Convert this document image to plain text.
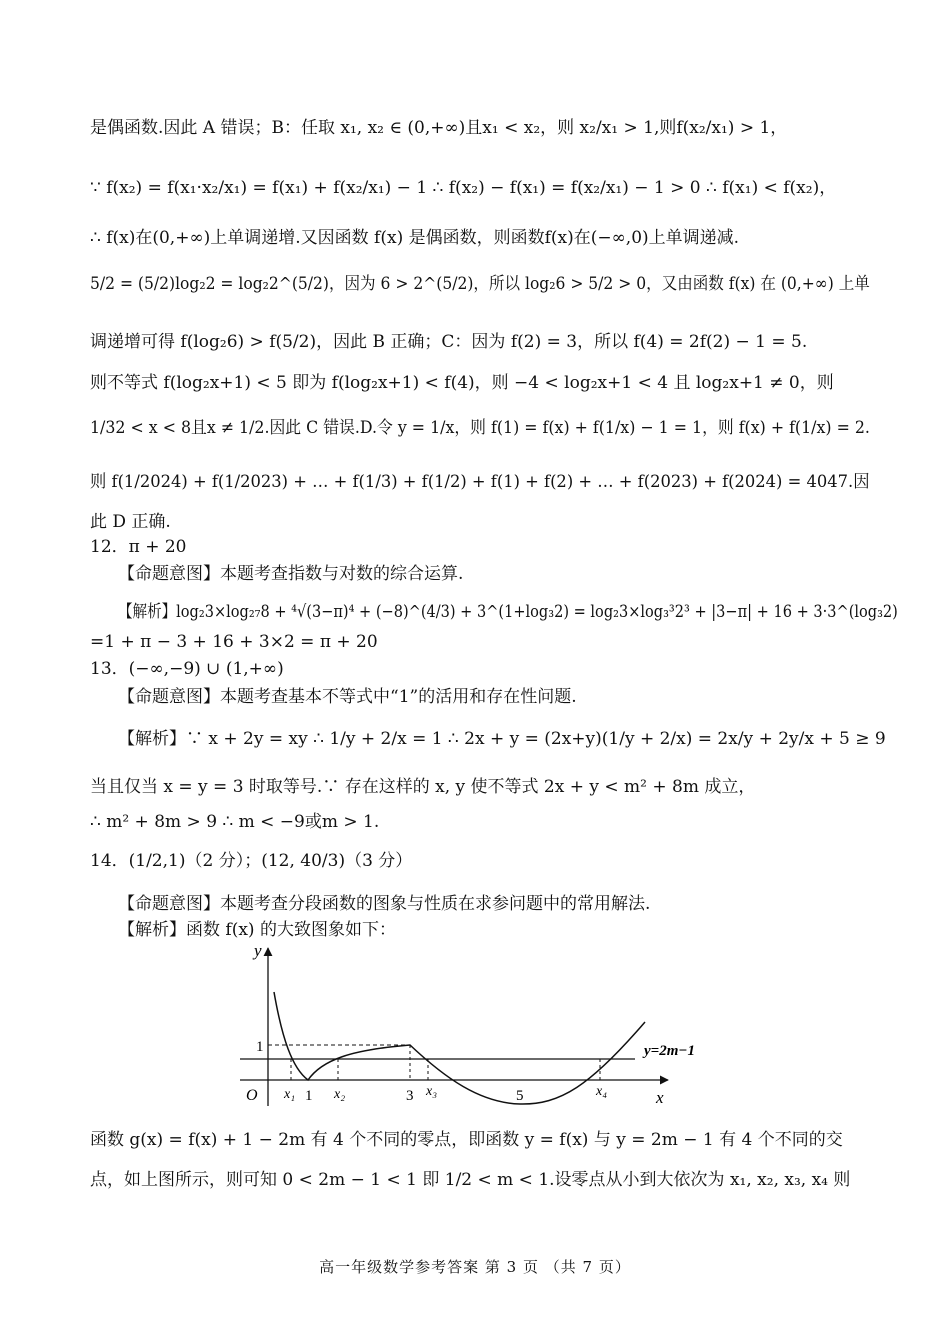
是偶函数.因此 A 错误；B：任取 x₁, x₂ ∈ (0,+∞)且x₁ < x₂，则 x₂/x₁ > 1,则f(x₂/x₁) > 1，
∵ f(x₂) = f(x₁·x₂/x₁) = f(x₁) + f(x₂/x₁) − 1 ∴ f(x₂) − f(x₁) = f(x₂/x₁) − 1 > 0 ∴ f(x₁) < f(x₂)，
∴ f(x)在(0,+∞)上单调递增.又因函数 f(x) 是偶函数，则函数f(x)在(−∞,0)上单调递减.
5/2 = (5/2)log₂2 = log₂2^(5/2)，因为 6 > 2^(5/2)，所以 log₂6 > 5/2 > 0，又由函数 f(x) 在 (0,+∞) 上单
调递增可得 f(log₂6) > f(5/2)，因此 B 正确；C：因为 f(2) = 3，所以 f(4) = 2f(2) − 1 = 5.
则不等式 f(log₂x+1) < 5 即为 f(log₂x+1) < f(4)，则 −4 < log₂x+1 < 4 且 log₂x+1 ≠ 0，则
1/32 < x < 8且x ≠ 1/2.因此 C 错误.D.令 y = 1/x，则 f(1) = f(x) + f(1/x) − 1 = 1，则 f(x) + f(1/x) = 2.
则 f(1/2024) + f(1/2023) + … + f(1/3) + f(1/2) + f(1) + f(2) + … + f(2023) + f(2024) = 4047.因
此 D 正确.
12．π + 20
【命题意图】本题考查指数与对数的综合运算.
【解析】log₂3×log₂₇8 + ⁴√(3−π)⁴ + (−8)^(4/3) + 3^(1+log₃2) = log₂3×log₃³2³ + |3−π| + 16 + 3·3^(log₃2)
=1 + π − 3 + 16 + 3×2 = π + 20
13．(−∞,−9) ∪ (1,+∞)
【命题意图】本题考查基本不等式中“1”的活用和存在性问题.
【解析】∵ x + 2y = xy ∴ 1/y + 2/x = 1 ∴ 2x + y = (2x+y)(1/y + 2/x) = 2x/y + 2y/x + 5 ≥ 9
当且仅当 x = y = 3 时取等号.∵ 存在这样的 x, y 使不等式 2x + y < m² + 8m 成立，
∴ m² + 8m > 9 ∴ m < −9或m > 1.
14．(1/2,1)（2 分）；(12, 40/3)（3 分）
【命题意图】本题考查分段函数的图象与性质在求参问题中的常用解法.
【解析】函数 f(x) 的大致图象如下：
函数 g(x) = f(x) + 1 − 2m 有 4 个不同的零点，即函数 y = f(x) 与 y = 2m − 1 有 4 个不同的交
点，如上图所示，则可知 0 < 2m − 1 < 1 即 1/2 < m < 1.设零点从小到大依次为 x₁, x₂, x₃, x₄ 则
y
x
O
1
1	3	5
x₁	x₂	x₃	x₄
y=2m−1
高一年级数学参考答案 第 3 页 （共 7 页）
